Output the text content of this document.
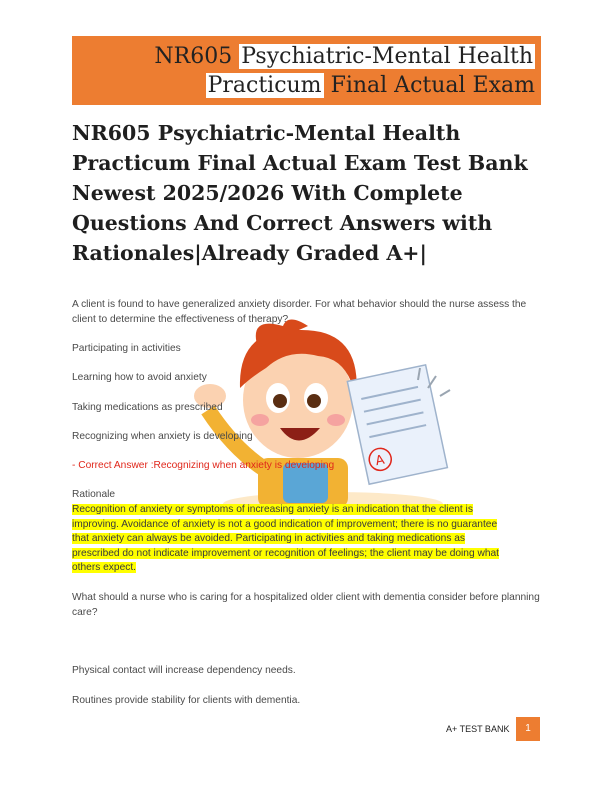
NR605 Psychiatric-Mental Health
Practicum Final Actual Exam
NR605 Psychiatric-Mental Health Practicum Final Actual Exam Test Bank Newest 2025/2026 With Complete Questions And Correct Answers with Rationales|Already Graded A+|
A

A client is found to have generalized anxiety disorder. For what behavior should the nurse assess the client to determine the effectiveness of therapy?

Participating in activities

Learning how to avoid anxiety

Taking medications as prescribed

Recognizing when anxiety is developing

- Correct Answer :Recognizing when anxiety is developing

Rationale

Recognition of anxiety or symptoms of increasing anxiety is an indication that the client is

improving. Avoidance of anxiety is not a good indication of improvement; there is no guarantee

that anxiety can always be avoided. Participating in activities and taking medications as

prescribed do not indicate improvement or recognition of feelings; the client may be doing what

others expect.

What should a nurse who is caring for a hospitalized older client with dementia consider before planning care?

Physical contact will increase dependency needs.

Routines provide stability for clients with dementia.

A+ TEST BANK	1
